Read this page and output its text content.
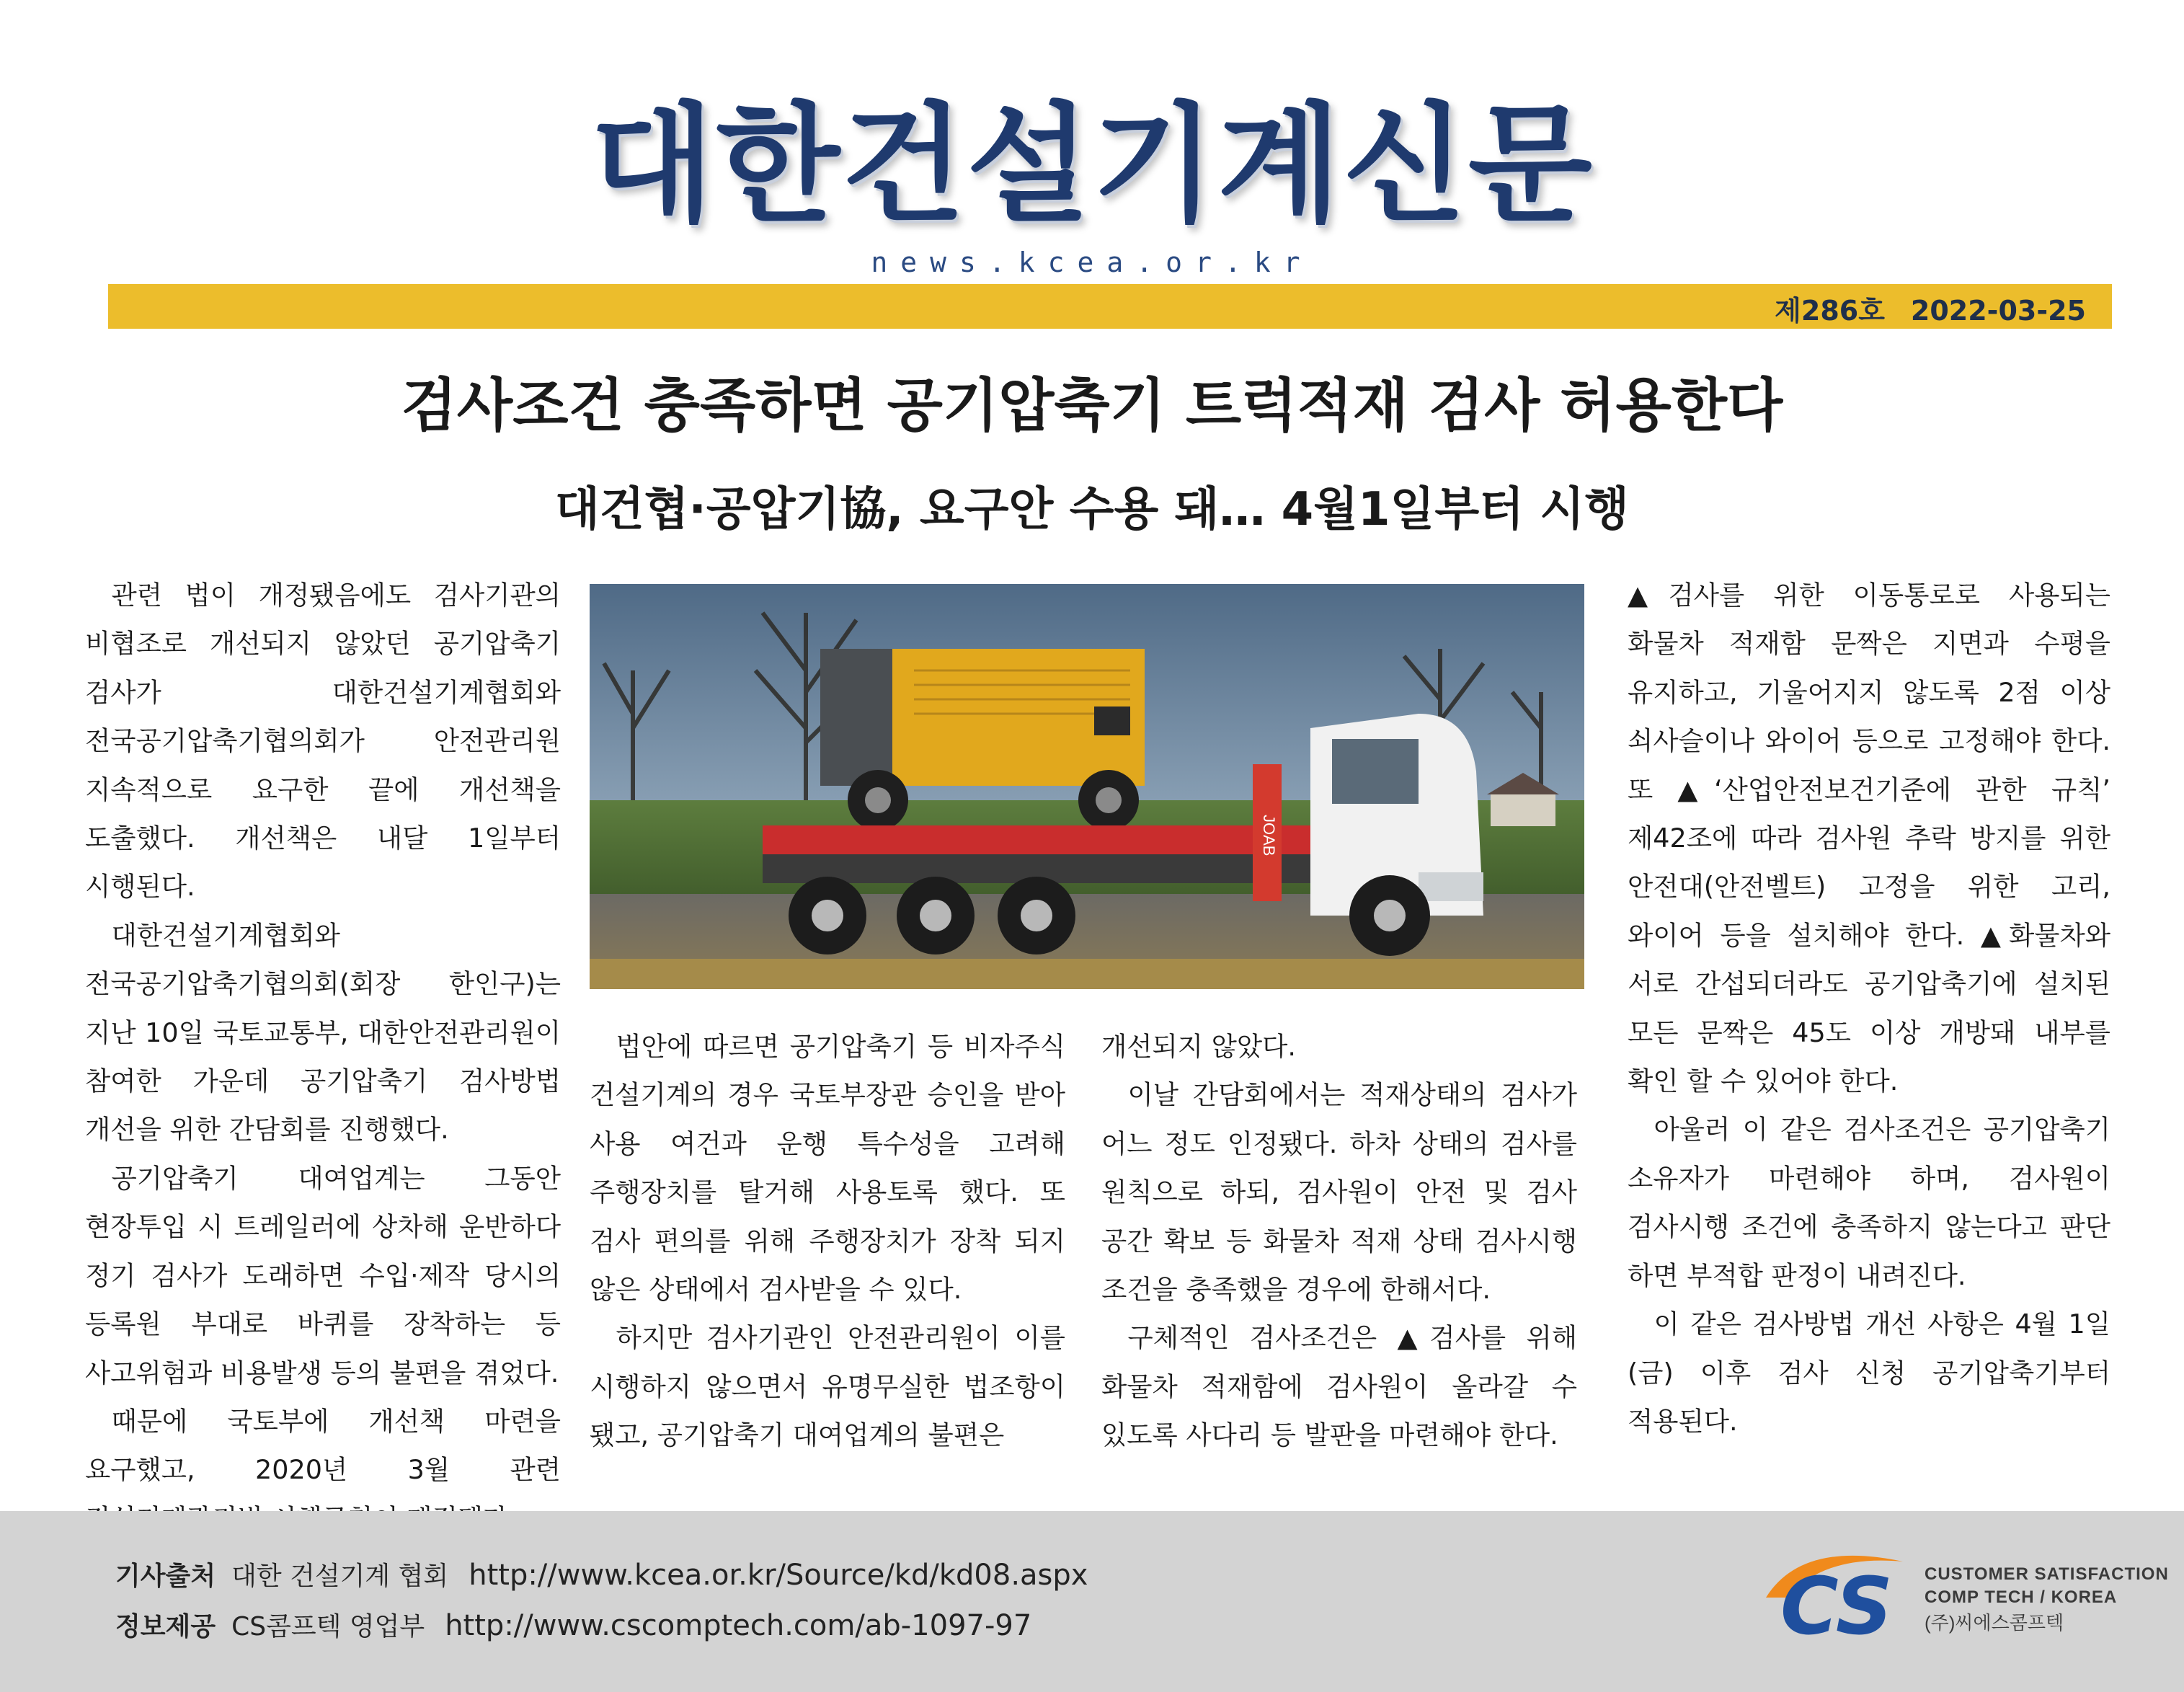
대한건설기계신문
news.kcea.or.kr
제286호 2022-03-25
검사조건 충족하면 공기압축기 트럭적재 검사 허용한다
대건협·공압기協, 요구안 수용 돼… 4월1일부터 시행

관련 법이 개정됐음에도 검사기관의 비협조로 개선되지 않았던 공기압축기 검사가 대한건설기계협회와 전국공기압축기협의회가 안전관리원 지속적으로 요구한 끝에 개선책을 도출했다. 개선책은 내달 1일부터 시행된다.

대한건설기계협회와 전국공기압축기협의회(회장 한인구)는 지난 10일 국토교통부, 대한안전관리원이 참여한 가운데 공기압축기 검사방법 개선을 위한 간담회를 진행했다.

공기압축기 대여업계는 그동안 현장투입 시 트레일러에 상차해 운반하다 정기 검사가 도래하면 수입·제작 당시의 등록원 부대로 바퀴를 장착하는 등 사고위험과 비용발생 등의 불편을 겪었다.

때문에 국토부에 개선책 마련을 요구했고, 2020년 3월 관련

JOAB

법안에 따르면 공기압축기 등 비자주식 건설기계의 경우 국토부장관 승인을 받아 사용 여건과 운행 특수성을 고려해 주행장치를 탈거해 사용토록 했다. 또 검사 편의를 위해 주행장치가 장착 되지 않은 상태에서 검사받을 수 있다.

하지만 검사기관인 안전관리원이 이를 시행하지 않으면서 유명무실한 법조항이 됐고, 공기압축기 대여업계의 불편은

개선되지 않았다.

이날 간담회에서는 적재상태의 검사가 어느 정도 인정됐다. 하차 상태의 검사를 원칙으로 하되, 검사원이 안전 및 검사 공간 확보 등 화물차 적재 상태 검사시행 조건을 충족했을 경우에 한해서다.

구체적인 검사조건은 ▲검사를 위해 화물차 적재함에 검사원이 올라갈 수 있도록 사다리 등 발판을 마련해야 한다.

▲검사를 위한 이동통로로 사용되는 화물차 적재함 문짝은 지면과 수평을 유지하고, 기울어지지 않도록 2점 이상 쇠사슬이나 와이어 등으로 고정해야 한다. 또 ▲‘산업안전보건기준에 관한 규칙’ 제42조에 따라 검사원 추락 방지를 위한 안전대(안전벨트) 고정을 위한 고리, 와이어 등을 설치해야 한다. ▲화물차와 서로 간섭되더라도 공기압축기에 설치된 모든 문짝은 45도 이상 개방돼 내부를 확인 할 수 있어야 한다.

아울러 이 같은 검사조건은 공기압축기 소유자가 마련해야 하며, 검사원이 검사시행 조건에 충족하지 않는다고 판단 하면 부적합 판정이 내려진다.

이 같은 검사방법 개선 사항은 4월 1일(금) 이후 검사 신청 공기압축기부터 적용된다.

기사출처 대한 건설기계 협회 http://www.kcea.or.kr/Source/kd/kd08.aspx
정보제공 CS콤프텍 영업부 http://www.cscomptech.com/ab-1097-97	CS CUSTOMER SATISFACTION
COMP TECH / KOREA
(주)씨에스콤프텍
